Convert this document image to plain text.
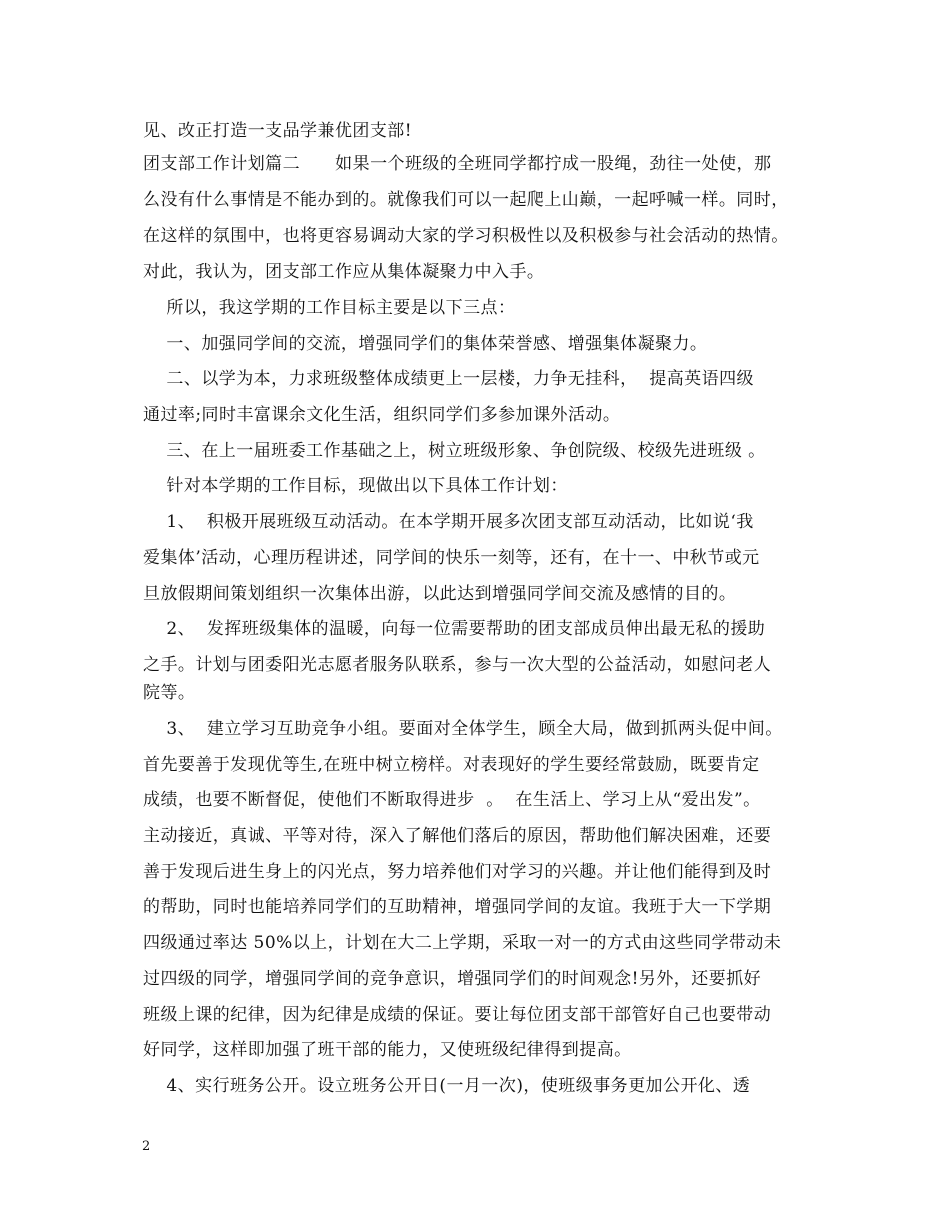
见、改正打造一支品学兼优团支部!
团支部工作计划篇二      如果一个班级的全班同学都拧成一股绳，劲往一处使，那
么没有什么事情是不能办到的。就像我们可以一起爬上山巅，一起呼喊一样。同时，
在这样的氛围中，也将更容易调动大家的学习积极性以及积极参与社会活动的热情。
对此，我认为，团支部工作应从集体凝聚力中入手。
所以，我这学期的工作目标主要是以下三点：
一、加强同学间的交流，增强同学们的集体荣誉感、增强集体凝聚力。
二、以学为本，力求班级整体成绩更上一层楼，力争无挂科，  提高英语四级
通过率;同时丰富课余文化生活，组织同学们多参加课外活动。
三、在上一届班委工作基础之上，树立班级形象、争创院级、校级先进班级 。
针对本学期的工作目标，现做出以下具体工作计划：
1、  积极开展班级互动活动。在本学期开展多次团支部互动活动，比如说‘我
爱集体’活动，心理历程讲述，同学间的快乐一刻等，还有，在十一、中秋节或元
旦放假期间策划组织一次集体出游，以此达到增强同学间交流及感情的目的。
2、  发挥班级集体的温暖，向每一位需要帮助的团支部成员伸出最无私的援助
之手。计划与团委阳光志愿者服务队联系，参与一次大型的公益活动，如慰问老人
院等。
3、  建立学习互助竞争小组。要面对全体学生，顾全大局，做到抓两头促中间。
首先要善于发现优等生,在班中树立榜样。对表现好的学生要经常鼓励，既要肯定
成绩，也要不断督促，使他们不断取得进步  。  在生活上、学习上从“爱出发”。
主动接近，真诚、平等对待，深入了解他们落后的原因，帮助他们解决困难，还要
善于发现后进生身上的闪光点，努力培养他们对学习的兴趣。并让他们能得到及时
的帮助，同时也能培养同学们的互助精神，增强同学间的友谊。我班于大一下学期
四级通过率达 50%以上，计划在大二上学期，采取一对一的方式由这些同学带动未
过四级的同学，增强同学间的竞争意识，增强同学们的时间观念!另外，还要抓好
班级上课的纪律，因为纪律是成绩的保证。要让每位团支部干部管好自己也要带动
好同学，这样即加强了班干部的能力，又使班级纪律得到提高。
4、实行班务公开。设立班务公开日(一月一次)，使班级事务更加公开化、透
2
